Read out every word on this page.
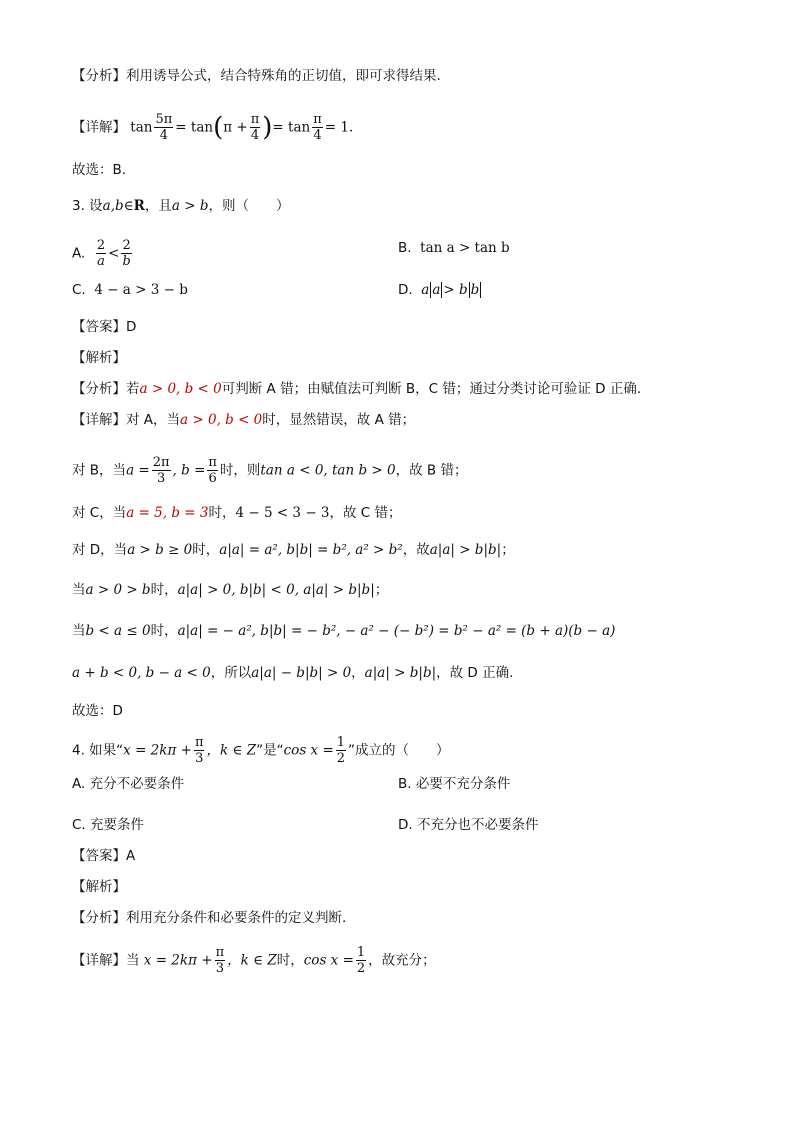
【分析】利用诱导公式，结合特殊角的正切值，即可求得结果.
【详解】 $\tan \frac{5\pi}{4} = \tan(\pi + \frac{\pi}{4}$ )= $\tan \frac{\pi}{4} = 1$.
故选：B.
3. 设a,b∈R，且a > b，则（　　）
A. $\frac{2}{a} < \frac{2}{b}$	B. tan a > tan b
C. 4 − a > 3 − b	D. a a > b b
【答案】D
【解析】
【分析】若a > 0, b < 0可判断 A 错；由赋值法可判断 B，C 错；通过分类讨论可验证 D 正确.
【详解】对 A，当a > 0, b < 0时，显然错误，故 A 错；
对 B，当$a = \frac{2\pi}{3}$ , $b = \frac{\pi}{6}$ 时，则tan a < 0, tan b > 0，故 B 错；
对 C，当a = 5, b = 3时，4 − 5 < 3 − 3，故 C 错；
对 D，当a > b ≥ 0时，a|a| = a², b|b| = b², a² > b²，故a|a| > b|b|；
当a > 0 > b时，a|a| > 0, b|b| < 0, a|a| > b|b|；
当b < a ≤ 0时，a|a| = − a², b|b| = − b², − a² − (− b²) = b² − a² = (b + a)(b − a)
a + b < 0, b − a < 0，所以a|a| − b|b| > 0，a|a| > b|b|，故 D 正确.
故选：D
4. 如果“$x = 2k\pi + \frac{\pi}{3}$ ，k ∈ Z”是“cos $x = \frac{1}{2}$ ”成立的（　　）
A. 充分不必要条件	B. 必要不充分条件
C. 充要条件	D. 不充分也不必要条件
【答案】A
【解析】
【分析】利用充分条件和必要条件的定义判断.
【详解】当 $x = 2k\pi + \frac{\pi}{3}$ ，k ∈ Z时，$\cos x = \frac{1}{2}$ ，故充分；
